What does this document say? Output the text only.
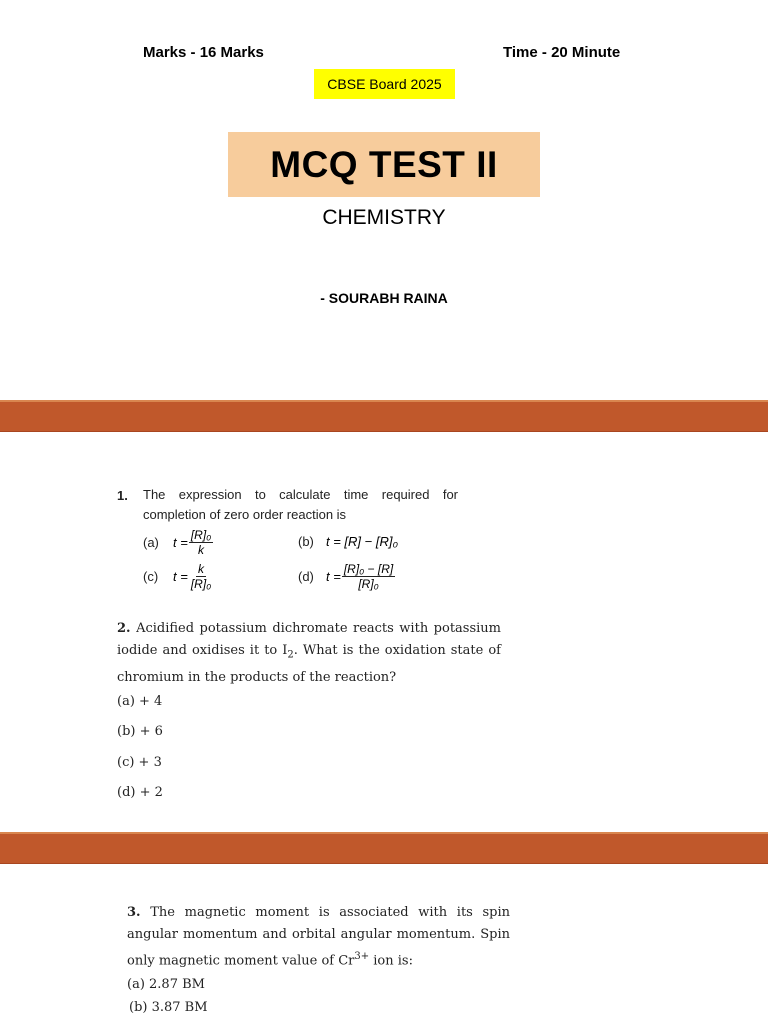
Marks - 16 Marks	Time - 20 Minute
CBSE Board 2025
MCQ TEST II
CHEMISTRY
- SOURABH RAINA
1. The expression to calculate time required for completion of zero order reaction is
(a)	$t = \frac{\text{[R]₀}}{k}$	(b) t = [R] − [R]₀
(c)	$t = \frac{k}{\text{[R]₀}}$	(d) $t = \frac{\text{[R]₀ − [R]}}{\text{[R]₀}}$
2. Acidified potassium dichromate reacts with potassium iodide and oxidises it to $I_2$. What is the oxidation state of chromium in the products of the reaction?
(a) + 4
(b) + 6
(c) + 3
(d) + 2
3. The magnetic moment is associated with its spin angular momentum and orbital angular momentum. Spin only magnetic moment value of $Cr^{3+}$ ion is:
(a) 2.87 BM
(b) 3.87 BM
